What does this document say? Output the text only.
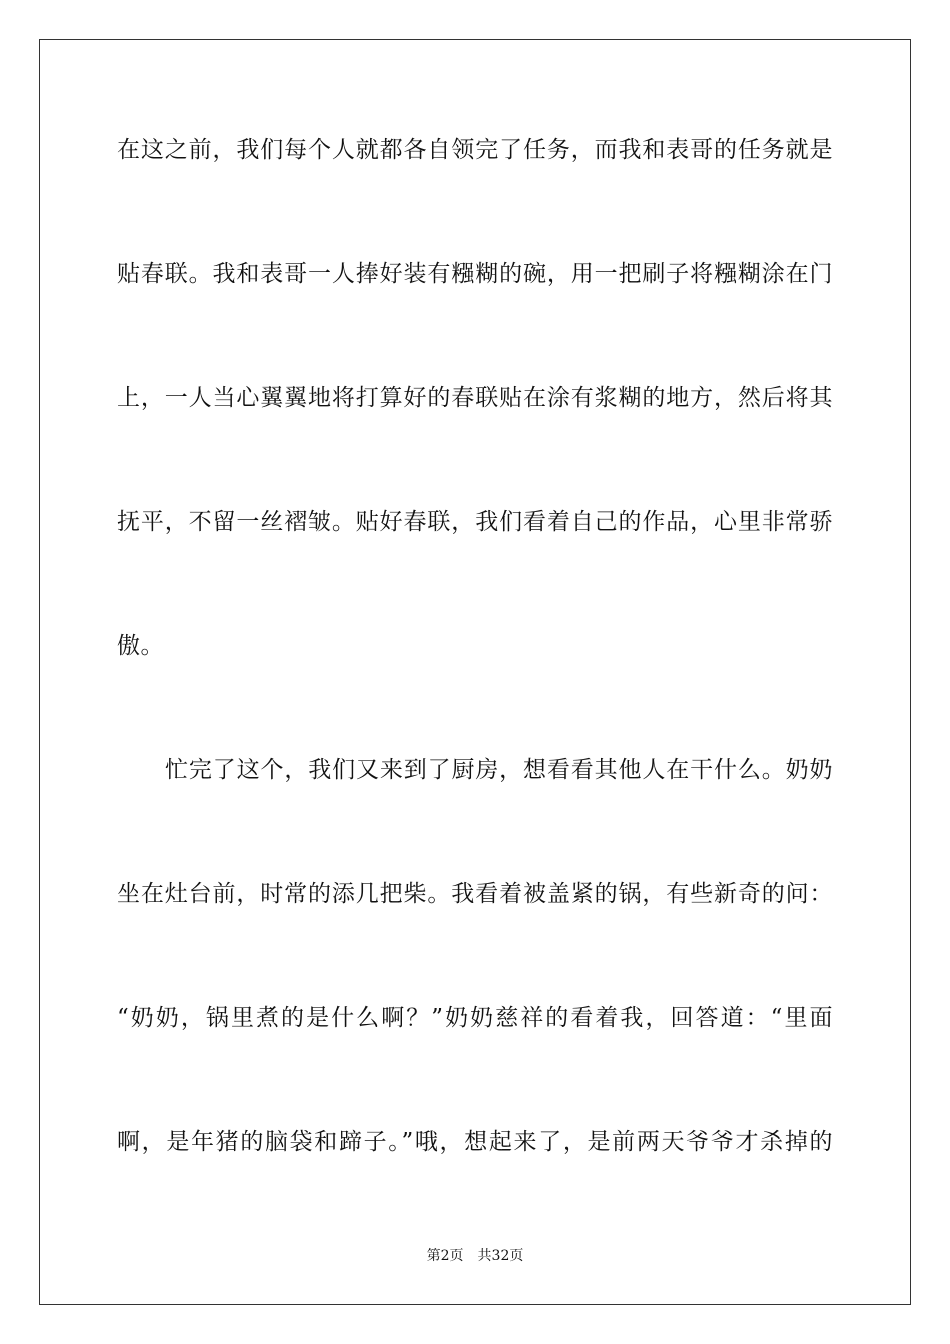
在这之前，我们每个人就都各自领完了任务，而我和表哥的任务就是
贴春联。我和表哥一人捧好装有糨糊的碗，用一把刷子将糨糊涂在门
上，一人当心翼翼地将打算好的春联贴在涂有浆糊的地方，然后将其
抚平，不留一丝褶皱。贴好春联，我们看着自己的作品，心里非常骄
傲。
忙完了这个，我们又来到了厨房，想看看其他人在干什么。奶奶
坐在灶台前，时常的添几把柴。我看着被盖紧的锅，有些新奇的问：
“奶奶，锅里煮的是什么啊？”奶奶慈祥的看着我，回答道：“里面
啊，是年猪的脑袋和蹄子。”哦，想起来了，是前两天爷爷才杀掉的
第2页 共32页
